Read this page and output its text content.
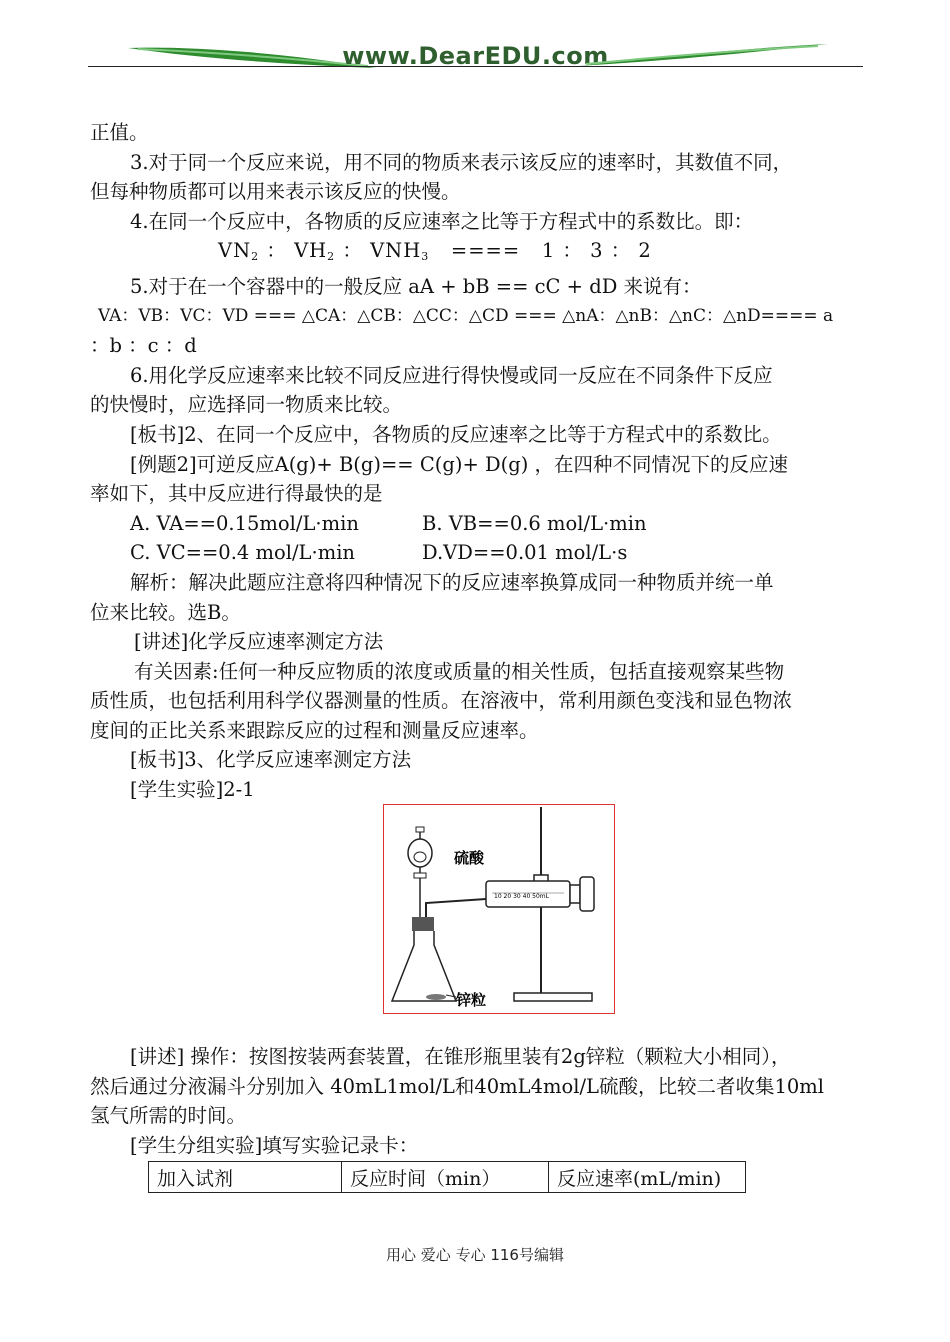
www.DearEDU.com

正值。

3.对于同一个反应来说，用不同的物质来表示该反应的速率时，其数值不同，

但每种物质都可以用来表示该反应的快慢。

4.在同一个反应中，各物质的反应速率之比等于方程式中的系数比。即：

$VN_2$ ： $VH_2$ ： $VNH_3$ ==== 1 ： 3 ： 2

5.对于在一个容器中的一般反应 aA + bB == cC + dD 来说有：

VA：VB：VC：VD === △CA：△CB：△CC：△CD === △nA：△nB：△nC：△nD==== a

：b ：c ：d

6.用化学反应速率来比较不同反应进行得快慢或同一反应在不同条件下反应

的快慢时，应选择同一物质来比较。

[板书]2、在同一个反应中，各物质的反应速率之比等于方程式中的系数比。

[例题2]可逆反应A(g)+ B(g)== C(g)+ D(g) ，在四种不同情况下的反应速

率如下，其中反应进行得最快的是

A. VA==0.15mol/L·min	B. VB==0.6 mol/L·min

C. VC==0.4 mol/L·min	D.VD==0.01 mol/L·s

解析：解决此题应注意将四种情况下的反应速率换算成同一种物质并统一单

位来比较。选B。

[讲述]化学反应速率测定方法

有关因素:任何一种反应物质的浓度或质量的相关性质，包括直接观察某些物

质性质，也包括利用科学仪器测量的性质。在溶液中，常利用颜色变浅和显色物浓

度间的正比关系来跟踪反应的过程和测量反应速率。

[板书]3、化学反应速率测定方法

[学生实验]2-1

10 20 30 40 50mL
硫酸
锌粒

[讲述] 操作：按图按装两套装置，在锥形瓶里装有2g锌粒（颗粒大小相同），

然后通过分液漏斗分别加入 40mL1mol/L和40mL4mol/L硫酸，比较二者收集10ml

氢气所需的时间。

[学生分组实验]填写实验记录卡：

加入试剂	反应时间（min）	反应速率(mL/min)
用心 爱心 专心 116号编辑
